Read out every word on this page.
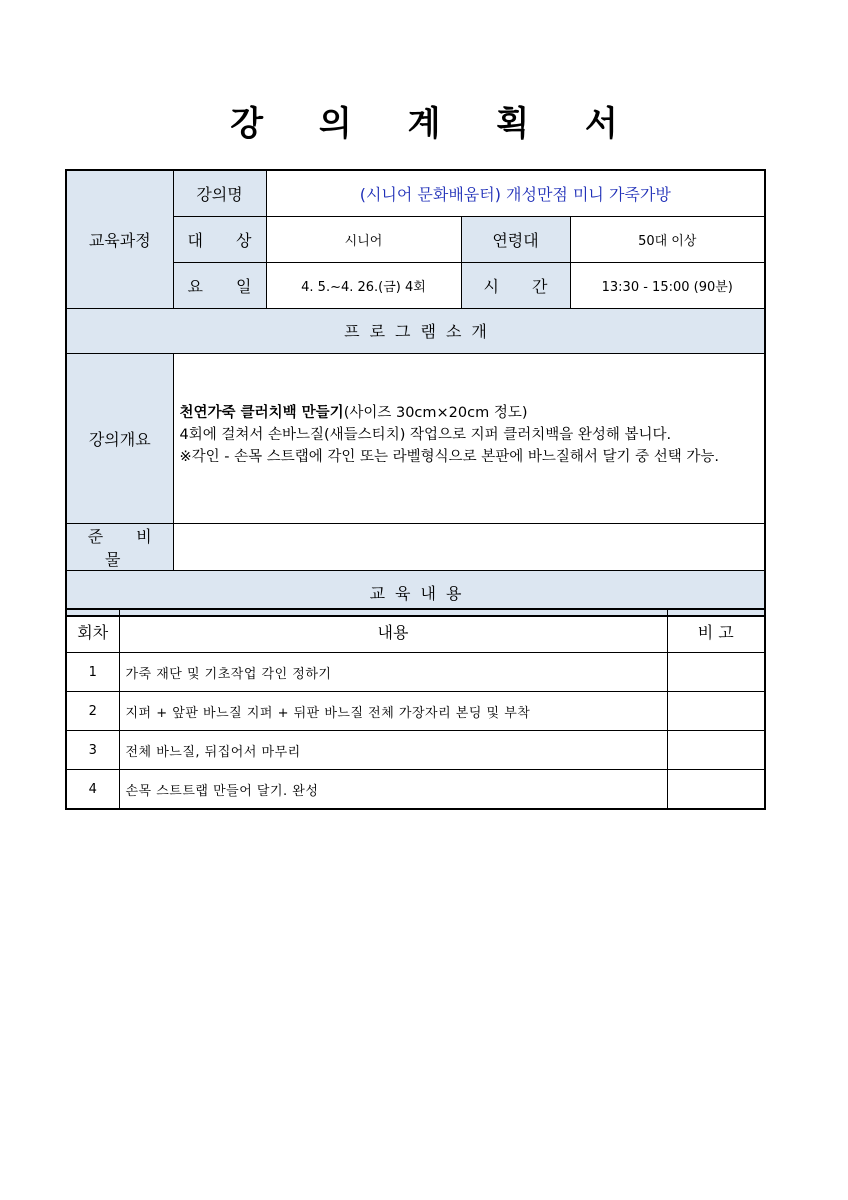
강 의 계 획 서
교육과정	강의명	(시니어 문화배움터) 개성만점 미니 가죽가방		
	대 상	시니어	연령대	50대 이상
	요 일	4. 5.~4. 26.(금) 4회	시 간	13:30 - 15:00 (90분)
프로그램소개				
강의개요	천연가죽 클러치백 만들기(사이즈 30cm×20cm 정도)
4회에 걸쳐서 손바느질(새들스티치) 작업으로 지퍼 클러치백을 완성해 봅니다.
※각인 - 손목 스트랩에 각인 또는 라벨형식으로 본판에 바느질해서 달기 중 선택 가능.			

준 비 물				
교육내용				
회차	내용	비 고
1	가죽 재단 및 기초작업 각인 정하기	
2	지퍼 + 앞판 바느질 지퍼 + 뒤판 바느질 전체 가장자리 본딩 및 부착	
3	전체 바느질, 뒤집어서 마무리	
4	손목 스트트랩 만들어 달기. 완성	
